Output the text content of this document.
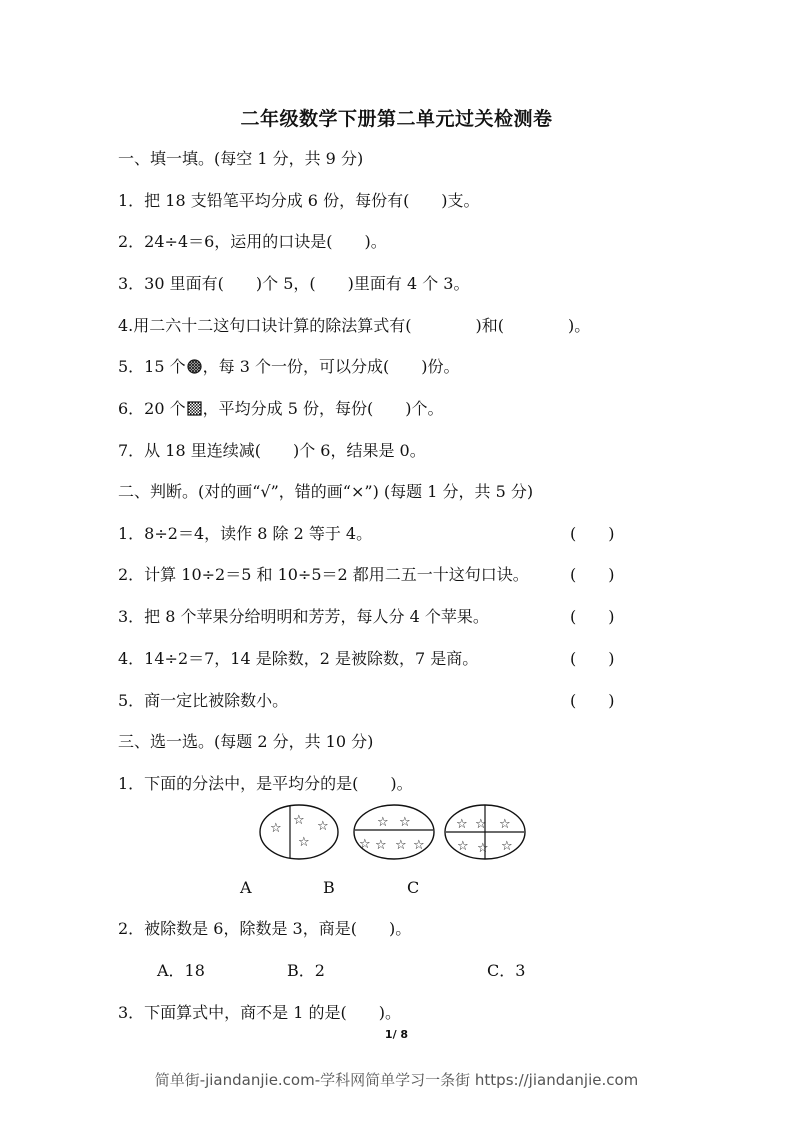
二年级数学下册第二单元过关检测卷
一、填一填。(每空 1 分，共 9 分)
1．把 18 支铅笔平均分成 6 份，每份有(　　)支。
2．24÷4＝6，运用的口诀是(　　)。
3．30 里面有(　　)个 5，(　　)里面有 4 个 3。
4.用二六十二这句口诀计算的除法算式有(　　　　)和(　　　　)。
5．15 个 ，每 3 个一份，可以分成(　　)份。
6．20 个 ，平均分成 5 份，每份(　　)个。
7．从 18 里连续减(　　)个 6，结果是 0。
二、判断。(对的画“√”，错的画“×”) (每题 1 分，共 5 分)
1．8÷2＝4，读作 8 除 2 等于 4。	(　　)
2．计算 10÷2＝5 和 10÷5＝2 都用二五一十这句口诀。	(　　)
3．把 8 个苹果分给明明和芳芳，每人分 4 个苹果。	(　　)
4．14÷2＝7，14 是除数，2 是被除数，7 是商。	(　　)
5．商一定比被除数小。	(　　)
三、选一选。(每题 2 分，共 10 分)
1．下面的分法中，是平均分的是(　　)。
☆
☆ ☆
☆
☆ ☆
☆ ☆ ☆ ☆
☆ ☆ ☆
☆ ☆ ☆
A	B	C
2．被除数是 6，除数是 3，商是(　　)。
A．18	B．2	C．3
3．下面算式中，商不是 1 的是(　　)。
1/ 8
简单街-jiandanjie.com-学科网简单学习一条街 https://jiandanjie.com
